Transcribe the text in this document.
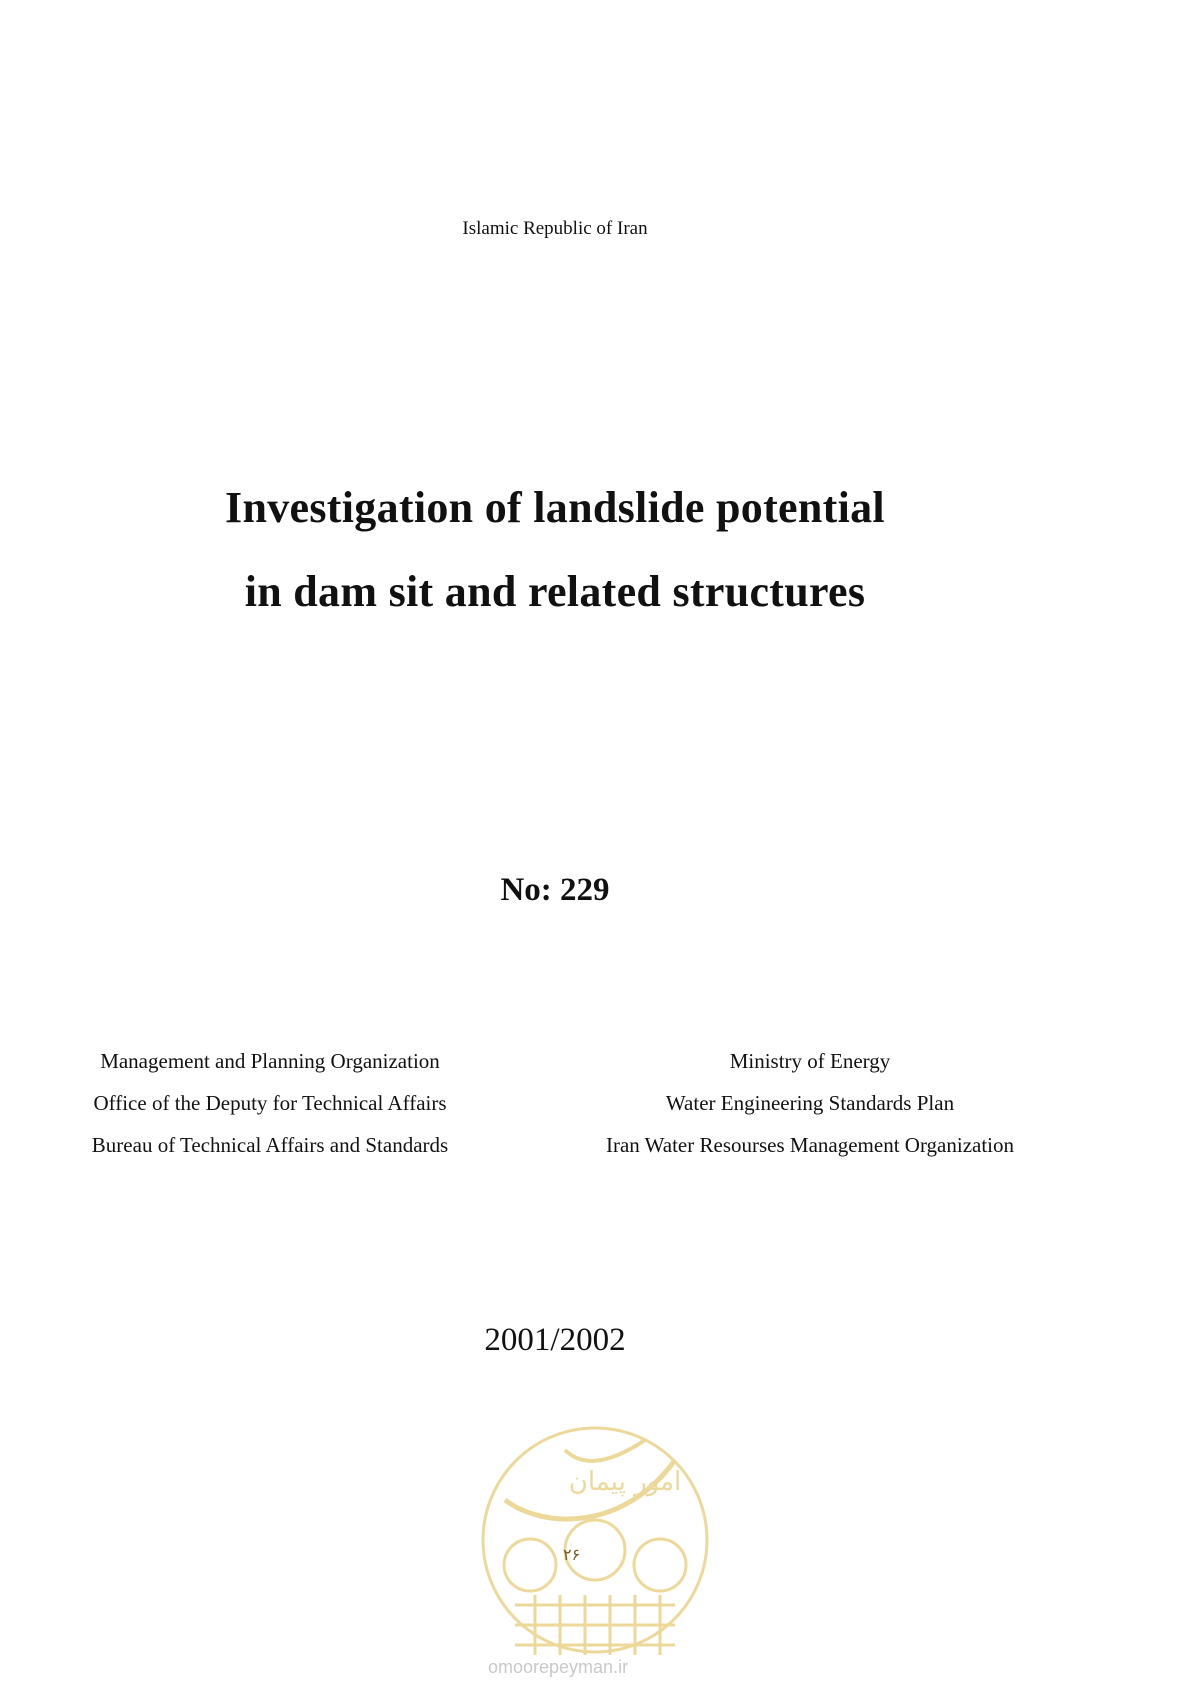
Islamic Republic of Iran
Investigation of landslide potential
in dam sit and related structures
No: 229
Management and Planning Organization
Office of the Deputy for Technical Affairs
Bureau of Technical Affairs and Standards
Ministry of Energy
Water Engineering Standards Plan
Iran Water Resourses Management Organization
2001/2002
۲۶
امور پیمان
omoorepeyman.ir
